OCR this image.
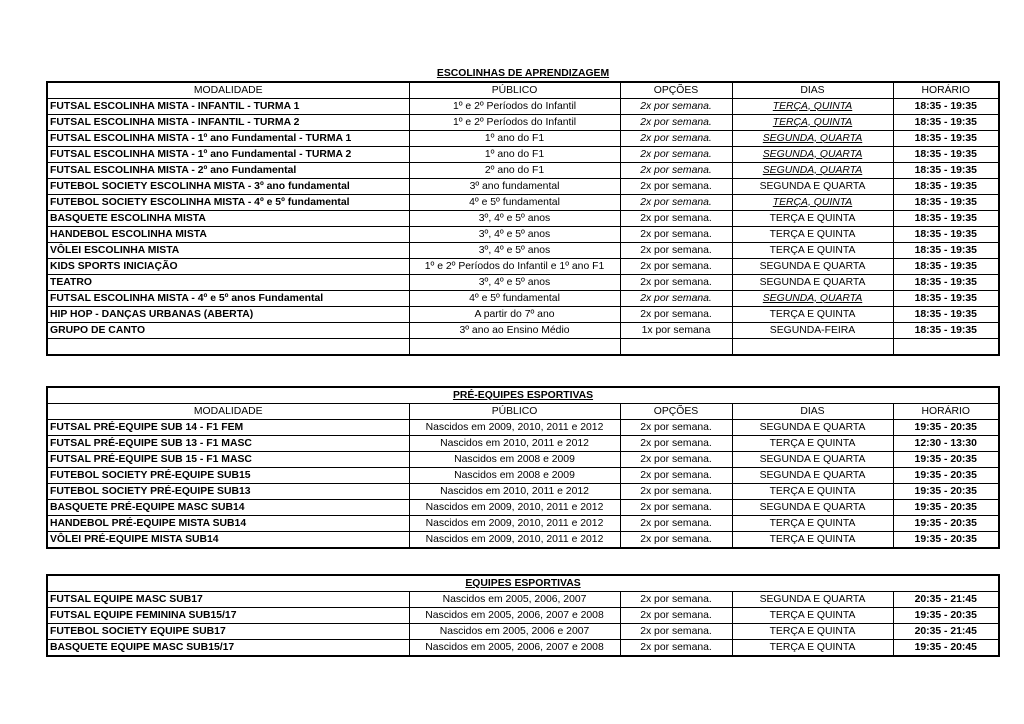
ESCOLINHAS DE APRENDIZAGEM				
MODALIDADE	PÚBLICO	OPÇÕES	DIAS	HORÁRIO
FUTSAL ESCOLINHA MISTA - INFANTIL - TURMA 1	1º e 2º Períodos do Infantil	2x por semana.	TERÇA, QUINTA	18:35 - 19:35
FUTSAL ESCOLINHA MISTA - INFANTIL - TURMA 2	1º e 2º Períodos do Infantil	2x por semana.	TERÇA, QUINTA	18:35 - 19:35
FUTSAL ESCOLINHA MISTA - 1º ano Fundamental - TURMA 1	1º ano do F1	2x por semana.	SEGUNDA, QUARTA	18:35 - 19:35
FUTSAL ESCOLINHA MISTA - 1º ano Fundamental - TURMA 2	1º ano do F1	2x por semana.	SEGUNDA, QUARTA	18:35 - 19:35
FUTSAL ESCOLINHA MISTA - 2º ano Fundamental	2º ano do F1	2x por semana.	SEGUNDA, QUARTA	18:35 - 19:35
FUTEBOL SOCIETY ESCOLINHA MISTA - 3º ano fundamental	3º ano fundamental	2x por semana.	SEGUNDA E QUARTA	18:35 - 19:35
FUTEBOL SOCIETY ESCOLINHA MISTA - 4º e 5º fundamental	4º e 5º fundamental	2x por semana.	TERÇA, QUINTA	18:35 - 19:35
BASQUETE ESCOLINHA MISTA	3º, 4º e 5º anos	2x por semana.	TERÇA E QUINTA	18:35 - 19:35
HANDEBOL ESCOLINHA MISTA	3º, 4º e 5º anos	2x por semana.	TERÇA E QUINTA	18:35 - 19:35
VÔLEI ESCOLINHA MISTA	3º, 4º e 5º anos	2x por semana.	TERÇA E QUINTA	18:35 - 19:35
KIDS SPORTS INICIAÇÃO	1º e 2º Períodos do Infantil e 1º ano F1	2x por semana.	SEGUNDA E QUARTA	18:35 - 19:35
TEATRO	3º, 4º e 5º anos	2x por semana.	SEGUNDA E QUARTA	18:35 - 19:35
FUTSAL ESCOLINHA MISTA - 4º e 5º anos Fundamental	4º e 5º fundamental	2x por semana.	SEGUNDA, QUARTA	18:35 - 19:35
HIP HOP - DANÇAS URBANAS (ABERTA)	A partir do 7º ano	2x por semana.	TERÇA E QUINTA	18:35 - 19:35
GRUPO DE CANTO	3º ano ao Ensino Médio	1x por semana	SEGUNDA-FEIRA	18:35 - 19:35

PRÉ-EQUIPES ESPORTIVAS				
MODALIDADE	PÚBLICO	OPÇÕES	DIAS	HORÁRIO
FUTSAL PRÉ-EQUIPE SUB 14 - F1 FEM	Nascidos em 2009, 2010, 2011 e 2012	2x por semana.	SEGUNDA E QUARTA	19:35 - 20:35
FUTSAL PRÉ-EQUIPE SUB 13 - F1 MASC	Nascidos em 2010, 2011 e 2012	2x por semana.	TERÇA E QUINTA	12:30 - 13:30
FUTSAL PRÉ-EQUIPE SUB 15 - F1 MASC	Nascidos em 2008 e 2009	2x por semana.	SEGUNDA E QUARTA	19:35 - 20:35
FUTEBOL SOCIETY PRÉ-EQUIPE SUB15	Nascidos em 2008 e 2009	2x por semana.	SEGUNDA E QUARTA	19:35 - 20:35
FUTEBOL SOCIETY PRÉ-EQUIPE SUB13	Nascidos em 2010, 2011 e 2012	2x por semana.	TERÇA E QUINTA	19:35 - 20:35
BASQUETE PRÉ-EQUIPE MASC SUB14	Nascidos em 2009, 2010, 2011 e 2012	2x por semana.	SEGUNDA E QUARTA	19:35 - 20:35
HANDEBOL PRÉ-EQUIPE MISTA SUB14	Nascidos em 2009, 2010, 2011 e 2012	2x por semana.	TERÇA E QUINTA	19:35 - 20:35
VÔLEI PRÉ-EQUIPE MISTA SUB14	Nascidos em 2009, 2010, 2011 e 2012	2x por semana.	TERÇA E QUINTA	19:35 - 20:35
EQUIPES ESPORTIVAS				
FUTSAL EQUIPE MASC SUB17	Nascidos em 2005, 2006, 2007	2x por semana.	SEGUNDA E QUARTA	20:35 - 21:45
FUTSAL EQUIPE FEMININA SUB15/17	Nascidos em 2005, 2006, 2007 e 2008	2x por semana.	TERÇA E QUINTA	19:35 - 20:35
FUTEBOL SOCIETY EQUIPE SUB17	Nascidos em 2005, 2006 e 2007	2x por semana.	TERÇA E QUINTA	20:35 - 21:45
BASQUETE EQUIPE MASC SUB15/17	Nascidos em 2005, 2006, 2007 e 2008	2x por semana.	TERÇA E QUINTA	19:35 - 20:45
